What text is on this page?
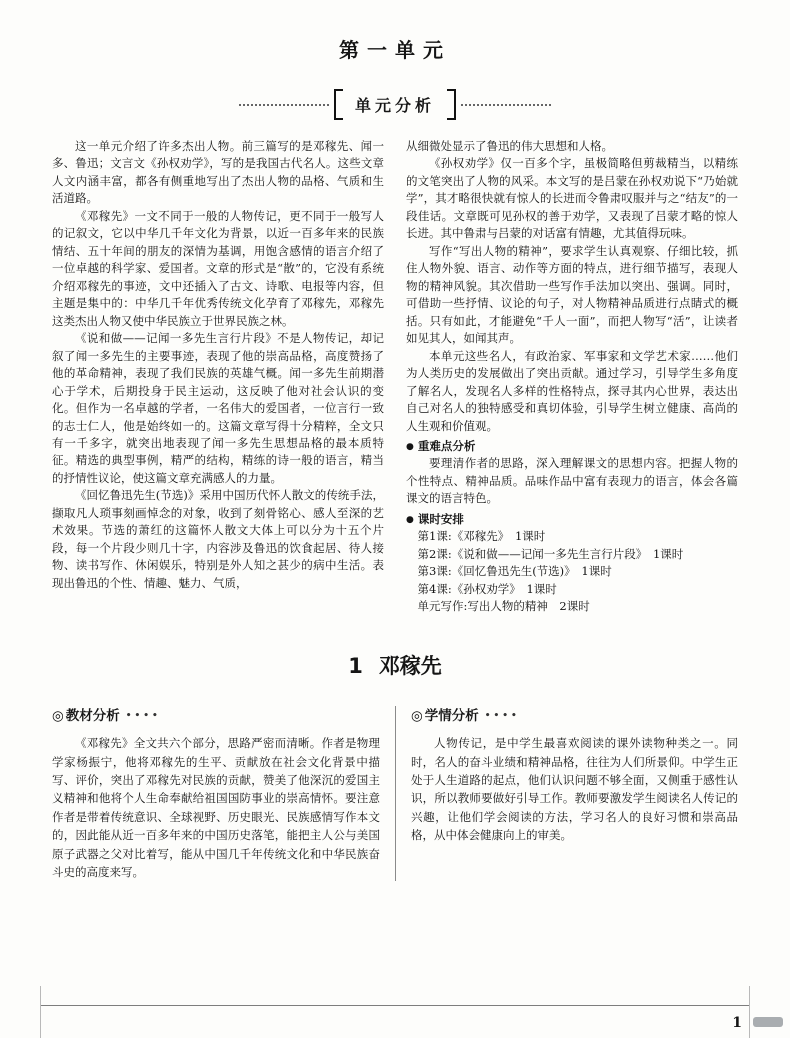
第一单元
单元分析

这一单元介绍了许多杰出人物。前三篇写的是邓稼先、闻一多、鲁迅；文言文《孙权劝学》，写的是我国古代名人。这些文章人文内涵丰富，都各有侧重地写出了杰出人物的品格、气质和生活道路。

《邓稼先》一文不同于一般的人物传记，更不同于一般写人的记叙文，它以中华几千年文化为背景，以近一百多年来的民族情结、五十年间的朋友的深情为基调，用饱含感情的语言介绍了一位卓越的科学家、爱国者。文章的形式是“散”的，它没有系统介绍邓稼先的事迹，文中还插入了古文、诗歌、电报等内容，但主题是集中的：中华几千年优秀传统文化孕育了邓稼先，邓稼先这类杰出人物又使中华民族立于世界民族之林。

《说和做——记闻一多先生言行片段》不是人物传记，却记叙了闻一多先生的主要事迹，表现了他的崇高品格，高度赞扬了他的革命精神，表现了我们民族的英雄气概。闻一多先生前期潜心于学术，后期投身于民主运动，这反映了他对社会认识的变化。但作为一名卓越的学者，一名伟大的爱国者，一位言行一致的志士仁人，他是始终如一的。这篇文章写得十分精粹，全文只有一千多字，就突出地表现了闻一多先生思想品格的最本质特征。精选的典型事例，精严的结构，精练的诗一般的语言，精当的抒情性议论，使这篇文章充满感人的力量。

《回忆鲁迅先生(节选)》采用中国历代怀人散文的传统手法，撷取凡人琐事刻画悼念的对象，收到了刻骨铭心、感人至深的艺术效果。节选的萧红的这篇怀人散文大体上可以分为十五个片段，每一个片段少则几十字，内容涉及鲁迅的饮食起居、待人接物、读书写作、休闲娱乐，特别是外人知之甚少的病中生活。表现出鲁迅的个性、情趣、魅力、气质，

从细微处显示了鲁迅的伟大思想和人格。

《孙权劝学》仅一百多个字，虽极简略但剪裁精当，以精练的文笔突出了人物的风采。本文写的是吕蒙在孙权劝说下“乃始就学”，其才略很快就有惊人的长进而令鲁肃叹服并与之“结友”的一段佳话。文章既可见孙权的善于劝学，又表现了吕蒙才略的惊人长进。其中鲁肃与吕蒙的对话富有情趣，尤其值得玩味。

写作“写出人物的精神”，要求学生认真观察、仔细比较，抓住人物外貌、语言、动作等方面的特点，进行细节描写，表现人物的精神风貌。其次借助一些写作手法加以突出、强调。同时，可借助一些抒情、议论的句子，对人物精神品质进行点睛式的概括。只有如此，才能避免“千人一面”，而把人物写“活”，让读者如见其人，如闻其声。

本单元这些名人，有政治家、军事家和文学艺术家……他们为人类历史的发展做出了突出贡献。通过学习，引导学生多角度了解名人，发现名人多样的性格特点，探寻其内心世界，表达出自己对名人的独特感受和真切体验，引导学生树立健康、高尚的人生观和价值观。

● 重难点分析

要理清作者的思路，深入理解课文的思想内容。把握人物的个性特点、精神品质。品味作品中富有表现力的语言，体会各篇课文的语言特色。

● 课时安排
第1课:《邓稼先》　1课时
第2课:《说和做——记闻一多先生言行片段》　1课时
第3课:《回忆鲁迅先生(节选)》　1课时
第4课:《孙权劝学》　1课时
单元写作:写出人物的精神　2课时
1 邓稼先
◎ 教材分析 ••••

《邓稼先》全文共六个部分，思路严密而清晰。作者是物理学家杨振宁，他将邓稼先的生平、贡献放在社会文化背景中描写、评价，突出了邓稼先对民族的贡献，赞美了他深沉的爱国主义精神和他将个人生命奉献给祖国国防事业的崇高情怀。要注意作者是带着传统意识、全球视野、历史眼光、民族感情写作本文的，因此能从近一百多年来的中国历史落笔，能把主人公与美国原子武器之父对比着写，能从中国几千年传统文化和中华民族奋斗史的高度来写。

◎ 学情分析 ••••

人物传记，是中学生最喜欢阅读的课外读物种类之一。同时，名人的奋斗业绩和精神品格，往往为人们所景仰。中学生正处于人生道路的起点，他们认识问题不够全面，又侧重于感性认识，所以教师要做好引导工作。教师要激发学生阅读名人传记的兴趣，让他们学会阅读的方法，学习名人的良好习惯和崇高品格，从中体会健康向上的审美。

1
